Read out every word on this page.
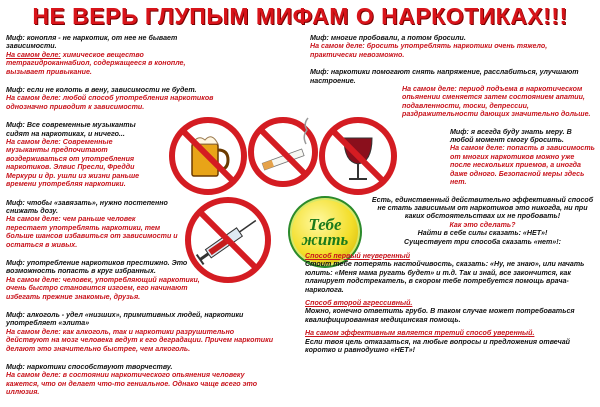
НЕ ВЕРЬ ГЛУПЫМ МИФАМ О НАРКОТИКАХ!!!
Миф: конопля - не наркотик, от нее не бывает зависимости.
На самом деле: химическое вещество тетрагидроканнабиол, содержащееся в конопле, вызывает привыкание.
Миф: если не колоть в вену, зависимости не будет.
На самом деле: любой способ употребления наркотиков однозначно приводит к зависимости.
Миф: Все современные музыканты сидят на наркотиках, и ничего...
На самом деле: Современные музыканты предпочитают воздерживаться от употребления наркотиков. Элвис Пресли, Фредди Меркури и др. ушли из жизни раньше времени употребляя наркотики.
Миф: чтобы «завязать», нужно постепенно снижать дозу.
На самом деле: чем раньше человек перестает употреблять наркотики, тем больше шансов избавиться от зависимости и остаться в живых.
Миф: употребление наркотиков престижно. Это возможность попасть в круг избранных.
На самом деле: человек, употребляющий наркотики, очень быстро становится изгоем, его начинают избегать прежние знакомые, друзья.
Миф: алкоголь - удел «низших», примитивных людей, наркотики употребляет «элита»
На самом деле: как алкоголь, так и наркотики разрушительно действуют на мозг человека ведут к его деградации. Причем наркотики делают это значительно быстрее, чем алкоголь.
Миф: наркотики способствуют творчеству.
На самом деле: в состоянии наркотического опьянения человеку кажется, что он делает что-то гениальное. Однако чаще всего это иллюзия.
Тебе
жить
Миф: многие пробовали, а потом бросили.
На самом деле: бросить употреблять наркотики очень тяжело, практически невозможно.
Миф: наркотики помогают снять напряжение, расслабиться, улучшают настроение.
На самом деле: период подъема в наркотическом опьянении сменяется затем состоянием апатии, подавленности, тоски, депрессии, раздражительности дающих значительно дольше.
Миф: я всегда буду знать меру. В любой момент смогу бросить.
На самом деле: попасть в зависимость от многих наркотиков можно уже после нескольких приемов, а иногда даже одного. Безопасной меры здесь нет.
Есть, единственный действительно эффективный способ не стать зависимым от наркотиков это никогда, ни при каких обстоятельствах их не пробовать!
Как это сделать?
Найти в себе силы сказать: «НЕТ»!
Существует три способа сказать «нет»!:
Способ первый неуверенный
Стоит тебе потерять настойчивость, сказать: «Ну, не знаю», или начать юлить: «Меня мама ругать будет» и т.д. Так и знай, все закончится, как планирует подстрекатель, в скором тебе потребуется помощь врача-нарколога.
Способ второй агрессивный.
Можно, конечно ответить грубо. В таком случае может потребоваться квалифицированная медицинская помощь.
На самом эффективным является третий способ уверенный.
Если твоя цель отказаться, на любые вопросы и предложения отвечай коротко и равнодушно «НЕТ»!
